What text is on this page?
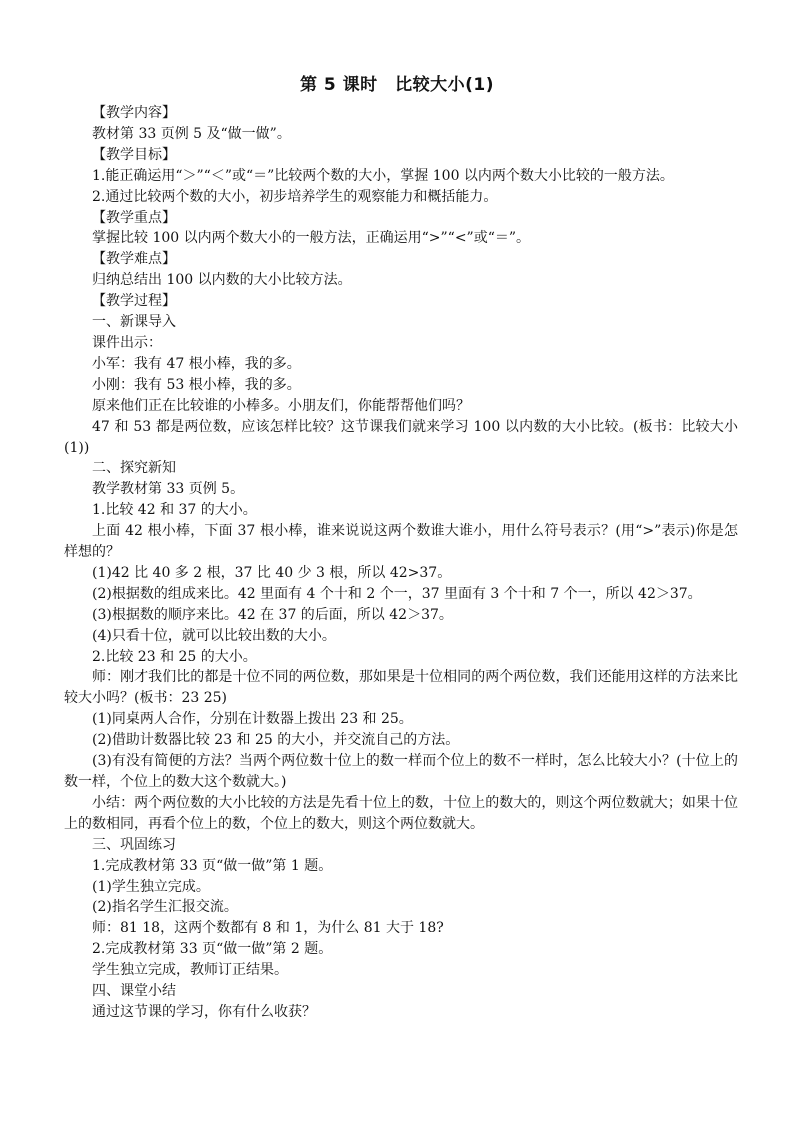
第 5 课时　比较大小(1)

【教学内容】

教材第 33 页例 5 及“做一做”。

【教学目标】

1.能正确运用“＞”“＜”或“＝”比较两个数的大小，掌握 100 以内两个数大小比较的一般方法。

2.通过比较两个数的大小，初步培养学生的观察能力和概括能力。

【教学重点】

掌握比较 100 以内两个数大小的一般方法，正确运用“>”“<”或“＝”。

【教学难点】

归纳总结出 100 以内数的大小比较方法。

【教学过程】

一、新课导入

课件出示：

小军：我有 47 根小棒，我的多。

小刚：我有 53 根小棒，我的多。

原来他们正在比较谁的小棒多。小朋友们，你能帮帮他们吗？

47 和 53 都是两位数，应该怎样比较？这节课我们就来学习 100 以内数的大小比较。(板书：比较大小(1))

二、探究新知

教学教材第 33 页例 5。

1.比较 42 和 37 的大小。

上面 42 根小棒，下面 37 根小棒，谁来说说这两个数谁大谁小，用什么符号表示？(用“>”表示)你是怎样想的？

(1)42 比 40 多 2 根，37 比 40 少 3 根，所以 42>37。

(2)根据数的组成来比。42 里面有 4 个十和 2 个一，37 里面有 3 个十和 7 个一，所以 42＞37。

(3)根据数的顺序来比。42 在 37 的后面，所以 42＞37。

(4)只看十位，就可以比较出数的大小。

2.比较 23 和 25 的大小。

师：刚才我们比的都是十位不同的两位数，那如果是十位相同的两个两位数，我们还能用这样的方法来比较大小吗？(板书：23 25)

(1)同桌两人合作，分别在计数器上拨出 23 和 25。

(2)借助计数器比较 23 和 25 的大小，并交流自己的方法。

(3)有没有简便的方法？当两个两位数十位上的数一样而个位上的数不一样时，怎么比较大小？(十位上的数一样，个位上的数大这个数就大。)

小结：两个两位数的大小比较的方法是先看十位上的数，十位上的数大的，则这个两位数就大；如果十位上的数相同，再看个位上的数，个位上的数大，则这个两位数就大。

三、巩固练习

1.完成教材第 33 页“做一做”第 1 题。

(1)学生独立完成。

(2)指名学生汇报交流。

师：81 18，这两个数都有 8 和 1，为什么 81 大于 18?

2.完成教材第 33 页“做一做”第 2 题。

学生独立完成，教师订正结果。

四、课堂小结

通过这节课的学习，你有什么收获？
